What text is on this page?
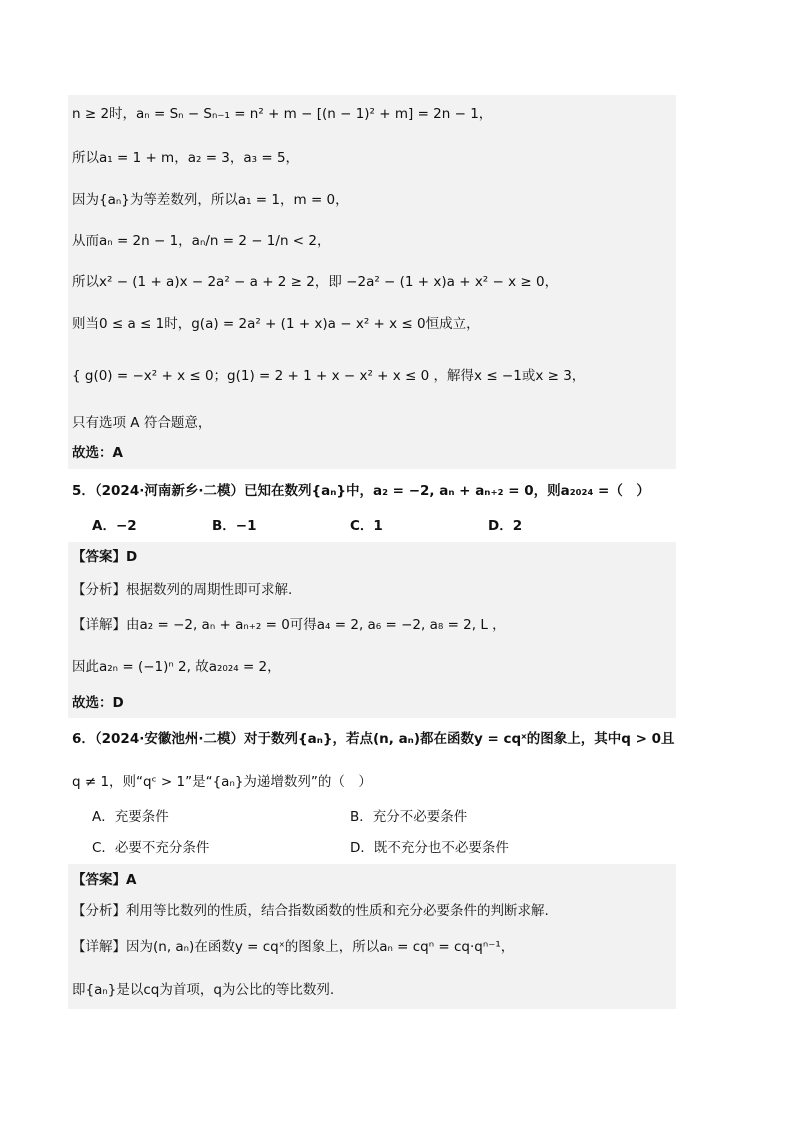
n ≥ 2时，aₙ = Sₙ − Sₙ₋₁ = n² + m − [(n − 1)² + m] = 2n − 1，
所以a₁ = 1 + m，a₂ = 3，a₃ = 5，
因为{aₙ}为等差数列，所以a₁ = 1，m = 0，
从而aₙ = 2n − 1，aₙ/n = 2 − 1/n < 2，
所以x² − (1 + a)x − 2a² − a + 2 ≥ 2，即 −2a² − (1 + x)a + x² − x ≥ 0，
则当0 ≤ a ≤ 1时，g(a) = 2a² + (1 + x)a − x² + x ≤ 0恒成立，
{ g(0) = −x² + x ≤ 0；g(1) = 2 + 1 + x − x² + x ≤ 0 ，解得x ≤ −1或x ≥ 3，
只有选项 A 符合题意，
故选：A
5．（2024·河南新乡·二模）已知在数列{aₙ}中，a₂ = −2, aₙ + aₙ₊₂ = 0，则a₂₀₂₄ =（　）
A．−2	B．−1	C．1	D．2
【答案】D
【分析】根据数列的周期性即可求解.
【详解】由a₂ = −2, aₙ + aₙ₊₂ = 0可得a₄ = 2, a₆ = −2, a₈ = 2, L ，
因此a₂ₙ = (−1)ⁿ 2, 故a₂₀₂₄ = 2，
故选：D
6．（2024·安徽池州·二模）对于数列{aₙ}，若点(n, aₙ)都在函数y = cqˣ的图象上，其中q > 0且
q ≠ 1，则“qᶜ > 1”是“{aₙ}为递增数列”的（　）
A．充要条件	B．充分不必要条件
C．必要不充分条件	D．既不充分也不必要条件
【答案】A
【分析】利用等比数列的性质，结合指数函数的性质和充分必要条件的判断求解.
【详解】因为(n, aₙ)在函数y = cqˣ的图象上，所以aₙ = cqⁿ = cq·qⁿ⁻¹，
即{aₙ}是以cq为首项，q为公比的等比数列.
